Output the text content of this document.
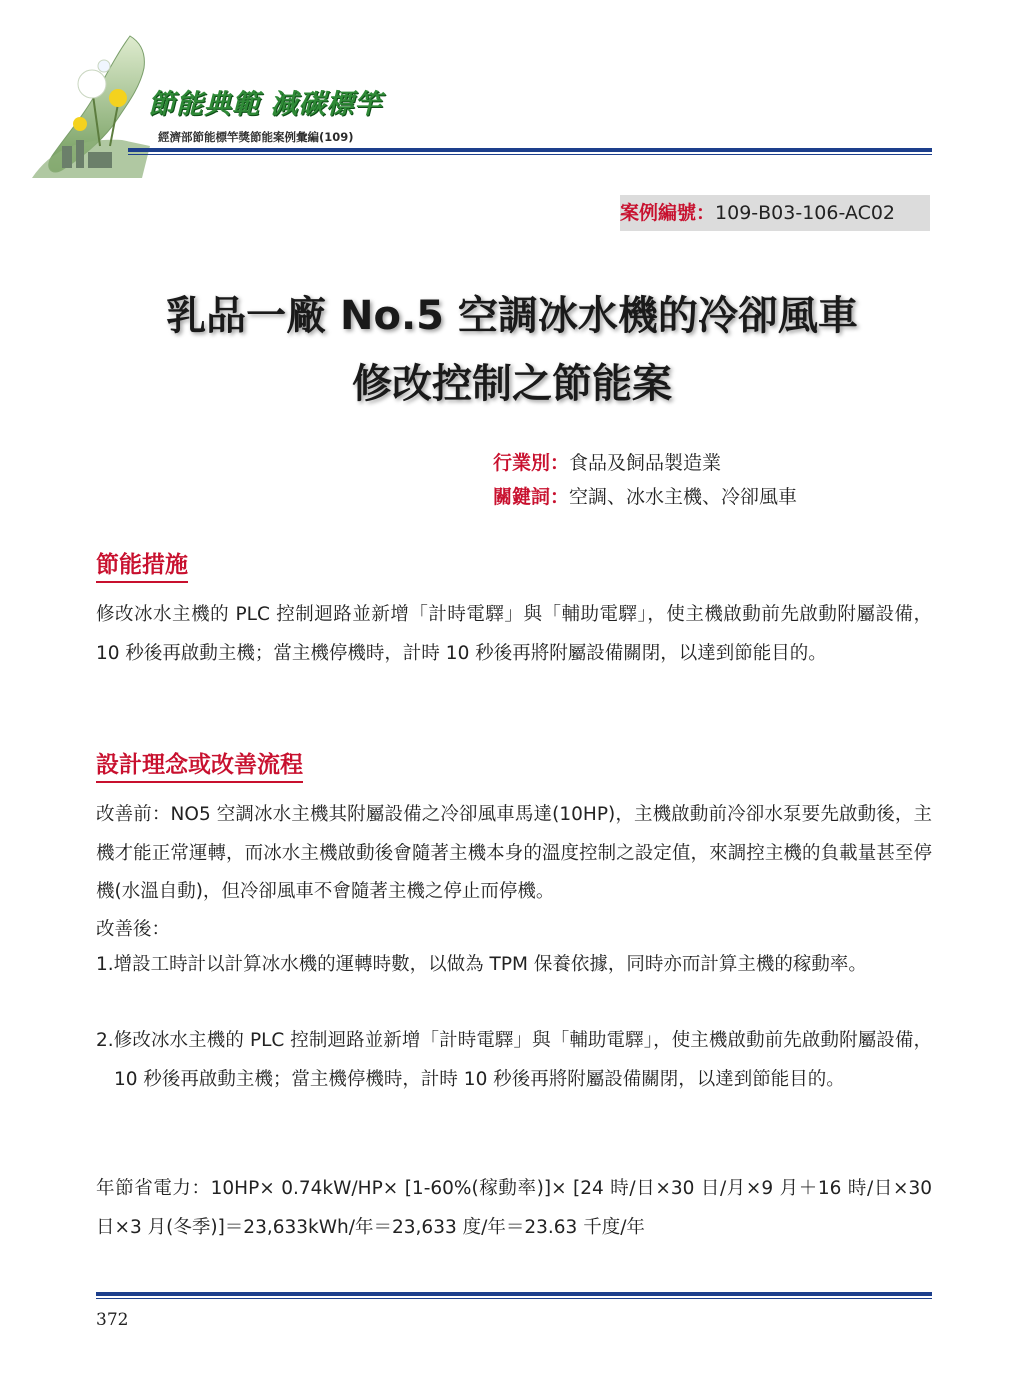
節能典範 減碳標竿
經濟部節能標竿獎節能案例彙編(109)
案例編號：109-B03-106-AC02
乳品一廠 No.5 空調冰水機的冷卻風車
修改控制之節能案
行業別：食品及飼品製造業
關鍵詞：空調、冰水主機、冷卻風車
節能措施

修改冰水主機的 PLC 控制迴路並新增「計時電驛」與「輔助電驛」，使主機啟動前先啟動附屬設備，10 秒後再啟動主機；當主機停機時，計時 10 秒後再將附屬設備關閉，以達到節能目的。

設計理念或改善流程

改善前：NO5 空調冰水主機其附屬設備之冷卻風車馬達(10HP)，主機啟動前冷卻水泵要先啟動後，主機才能正常運轉，而冰水主機啟動後會隨著主機本身的溫度控制之設定值，來調控主機的負載量甚至停機(水溫自動)，但冷卻風車不會隨著主機之停止而停機。

改善後：

1.增設工時計以計算冰水機的運轉時數，以做為 TPM 保養依據，同時亦而計算主機的稼動率。

2.修改冰水主機的 PLC 控制迴路並新增「計時電驛」與「輔助電驛」，使主機啟動前先啟動附屬設備，10 秒後再啟動主機；當主機停機時，計時 10 秒後再將附屬設備關閉，以達到節能目的。

年節省電力：10HP× 0.74kW/HP× [1-60%(稼動率)]× [24 時/日×30 日/月×9 月＋16 時/日×30 日×3 月(冬季)]＝23,633kWh/年＝23,633 度/年＝23.63 千度/年

372
